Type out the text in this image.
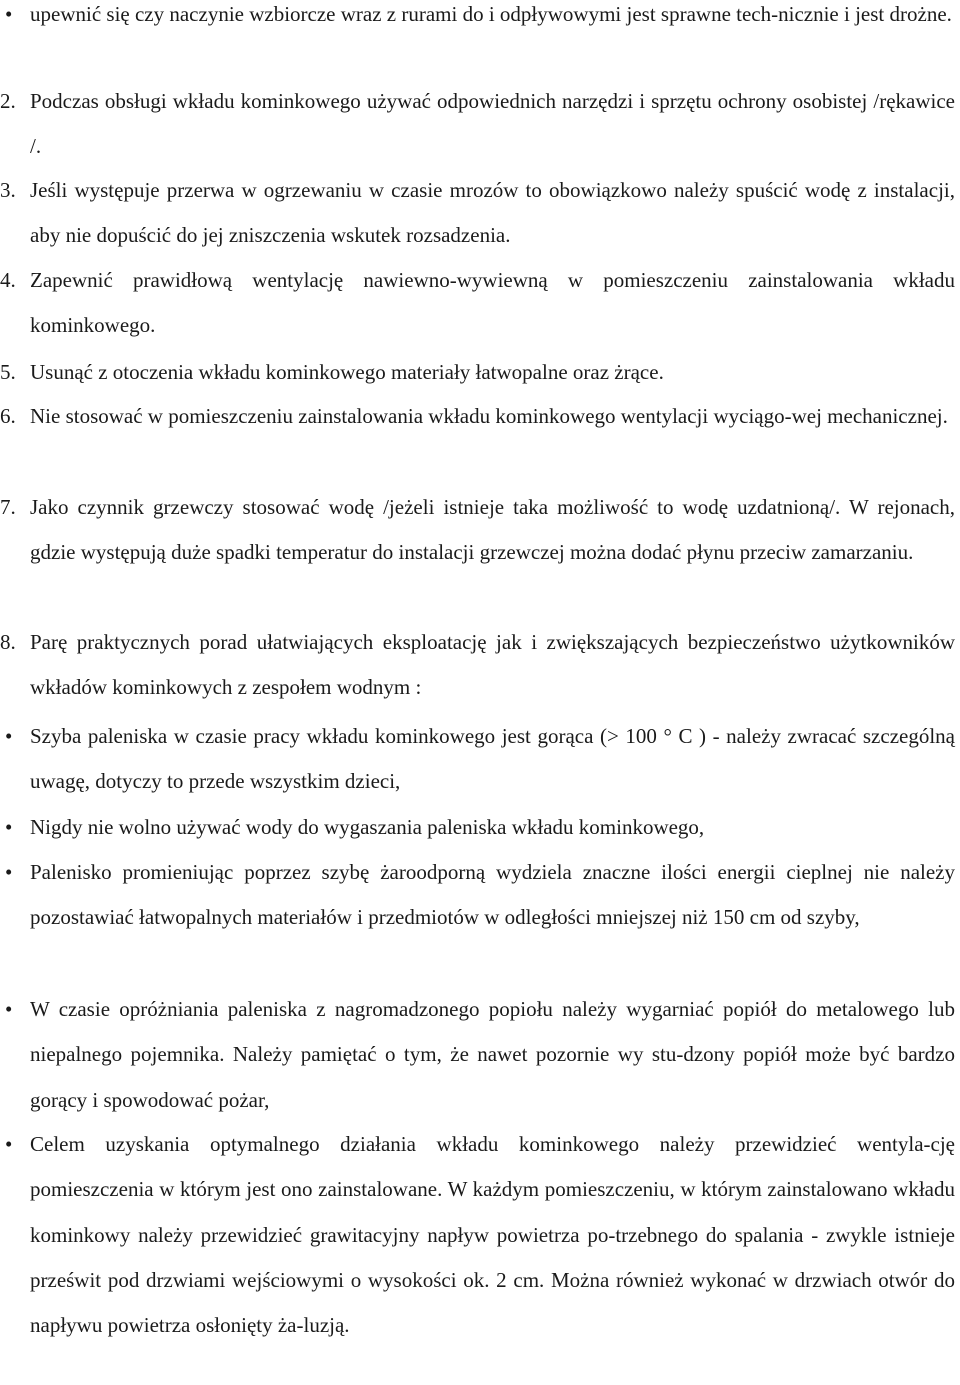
• upewnić się czy naczynie wzbiorcze wraz z rurami do i odpływowymi jest sprawne tech-nicznie i jest drożne.

2. Podczas obsługi wkładu kominkowego używać odpowiednich narzędzi i sprzętu ochrony osobistej /rękawice /.

3. Jeśli występuje przerwa w ogrzewaniu w czasie mrozów to obowiązkowo należy spuścić wodę z instalacji, aby nie dopuścić do jej zniszczenia wskutek rozsadzenia.

4. Zapewnić prawidłową wentylację nawiewno-wywiewną w pomieszczeniu zainstalowania wkładu kominkowego.

5. Usunąć z otoczenia wkładu kominkowego materiały łatwopalne oraz żrące.

6. Nie stosować w pomieszczeniu zainstalowania wkładu kominkowego wentylacji wyciągo-wej mechanicznej.

7. Jako czynnik grzewczy stosować wodę /jeżeli istnieje taka możliwość to wodę uzdatnioną/. W rejonach, gdzie występują duże spadki temperatur do instalacji grzewczej można dodać płynu przeciw zamarzaniu.

8. Parę praktycznych porad ułatwiających eksploatację jak i zwiększających bezpieczeństwo użytkowników wkładów kominkowych z zespołem wodnym :

• Szyba paleniska w czasie pracy wkładu kominkowego jest gorąca (> 100 ° C ) - należy zwracać szczególną uwagę, dotyczy to przede wszystkim dzieci,

• Nigdy nie wolno używać wody do wygaszania paleniska wkładu kominkowego,

• Palenisko promieniując poprzez szybę żaroodporną wydziela znaczne ilości energii cieplnej nie należy pozostawiać łatwopalnych materiałów i przedmiotów w odległości mniejszej niż 150 cm od szyby,

• W czasie opróżniania paleniska z nagromadzonego popiołu należy wygarniać popiół do metalowego lub niepalnego pojemnika. Należy pamiętać o tym, że nawet pozornie wy stu-dzony popiół może być bardzo gorący i spowodować pożar,

• Celem uzyskania optymalnego działania wkładu kominkowego należy przewidzieć wentyla-cję pomieszczenia w którym jest ono zainstalowane. W każdym pomieszczeniu, w którym zainstalowano wkładu kominkowy należy przewidzieć grawitacyjny napływ powietrza po-trzebnego do spalania - zwykle istnieje prześwit pod drzwiami wejściowymi o wysokości ok. 2 cm. Można również wykonać w drzwiach otwór do napływu powietrza osłonięty ża-luzją.
